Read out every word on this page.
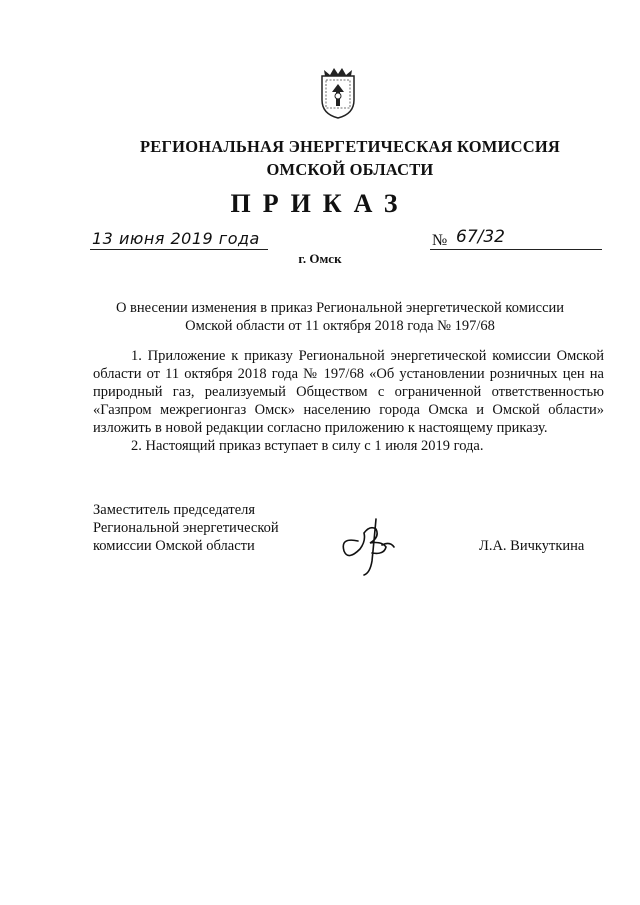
РЕГИОНАЛЬНАЯ ЭНЕРГЕТИЧЕСКАЯ КОМИССИЯ
ОМСКОЙ ОБЛАСТИ
ПРИКАЗ
13 июня 2019 года	№ 67/32
г. Омск
О внесении изменения в приказ Региональной энергетической комиссии
Омской области от 11 октября 2018 года № 197/68

1. Приложение к приказу Региональной энергетической комиссии Омской области от 11 октября 2018 года № 197/68 «Об установлении розничных цен на природный газ, реализуемый Обществом с ограниченной ответственностью «Газпром межрегионгаз Омск» населению города Омска и Омской области» изложить в новой редакции согласно приложению к настоящему приказу.

2. Настоящий приказ вступает в силу с 1 июля 2019 года.

Заместитель председателя
Региональной энергетической
комиссии Омской области	Л.А. Вичкуткина
